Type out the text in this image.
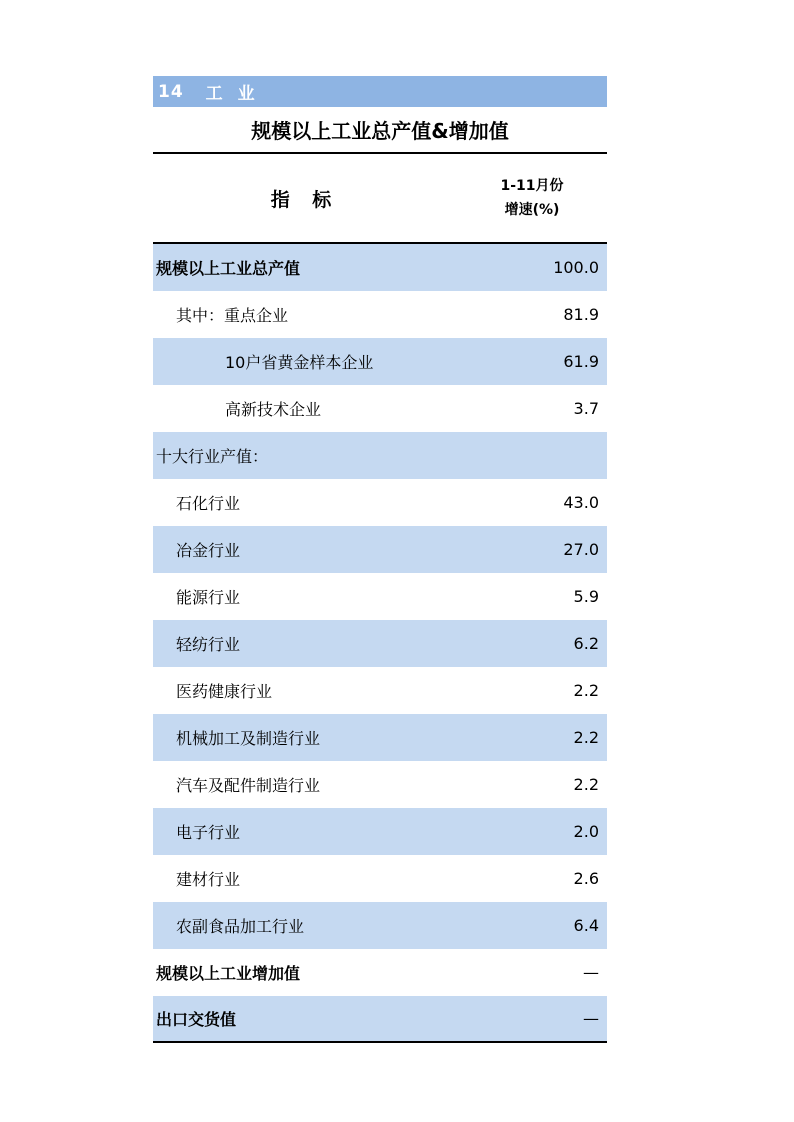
14 工 业
规模以上工业总产值&增加值
指 标
1-11月份
增速(%)
规模以上工业总产值	100.0
其中：重点企业	81.9
10户省黄金样本企业	61.9
高新技术企业	3.7
十大行业产值：
石化行业	43.0
冶金行业	27.0
能源行业	5.9
轻纺行业	6.2
医药健康行业	2.2
机械加工及制造行业	2.2
汽车及配件制造行业	2.2
电子行业	2.0
建材行业	2.6
农副食品加工行业	6.4
规模以上工业增加值	—
出口交货值	—
